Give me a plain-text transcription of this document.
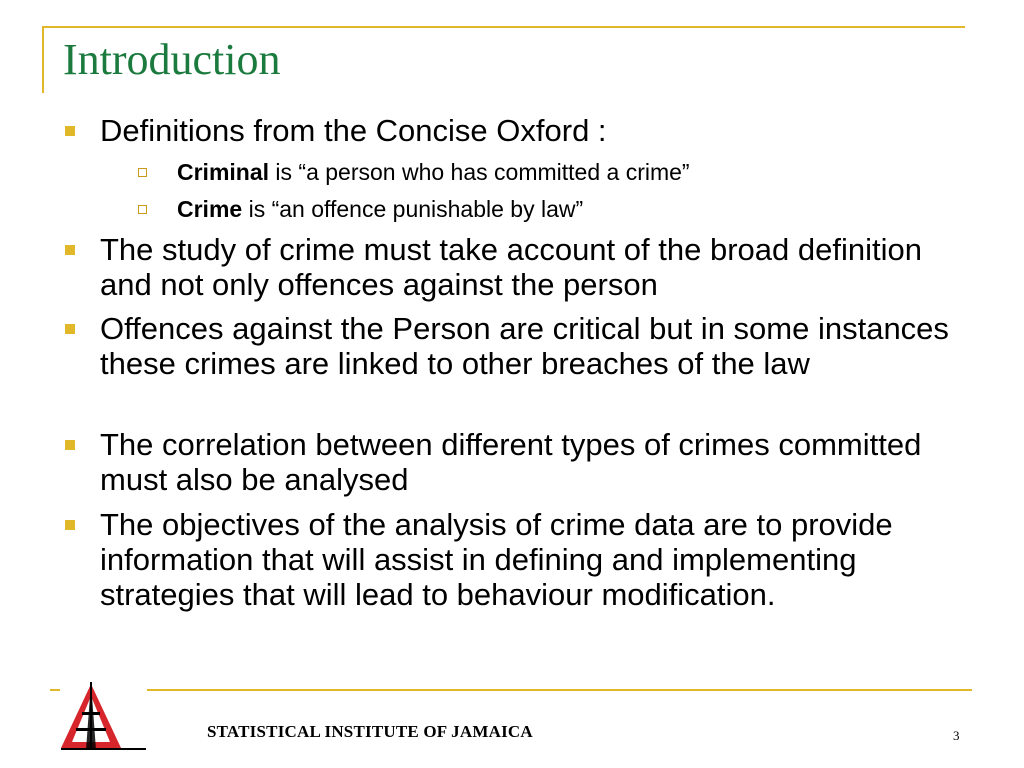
Introduction
Definitions from the Concise Oxford :
Criminal is “a person who has committed a crime”
Crime is “an offence punishable by law”
The study of crime must take account of the broad definition and not only offences against the person
Offences against the Person are critical but in some instances these crimes are linked to other breaches of the law
The correlation between different types of crimes committed must also be analysed
The objectives of the analysis of crime data are to provide information that will assist in defining and implementing strategies that will lead to behaviour modification.
STATISTICAL INSTITUTE OF JAMAICA	3
